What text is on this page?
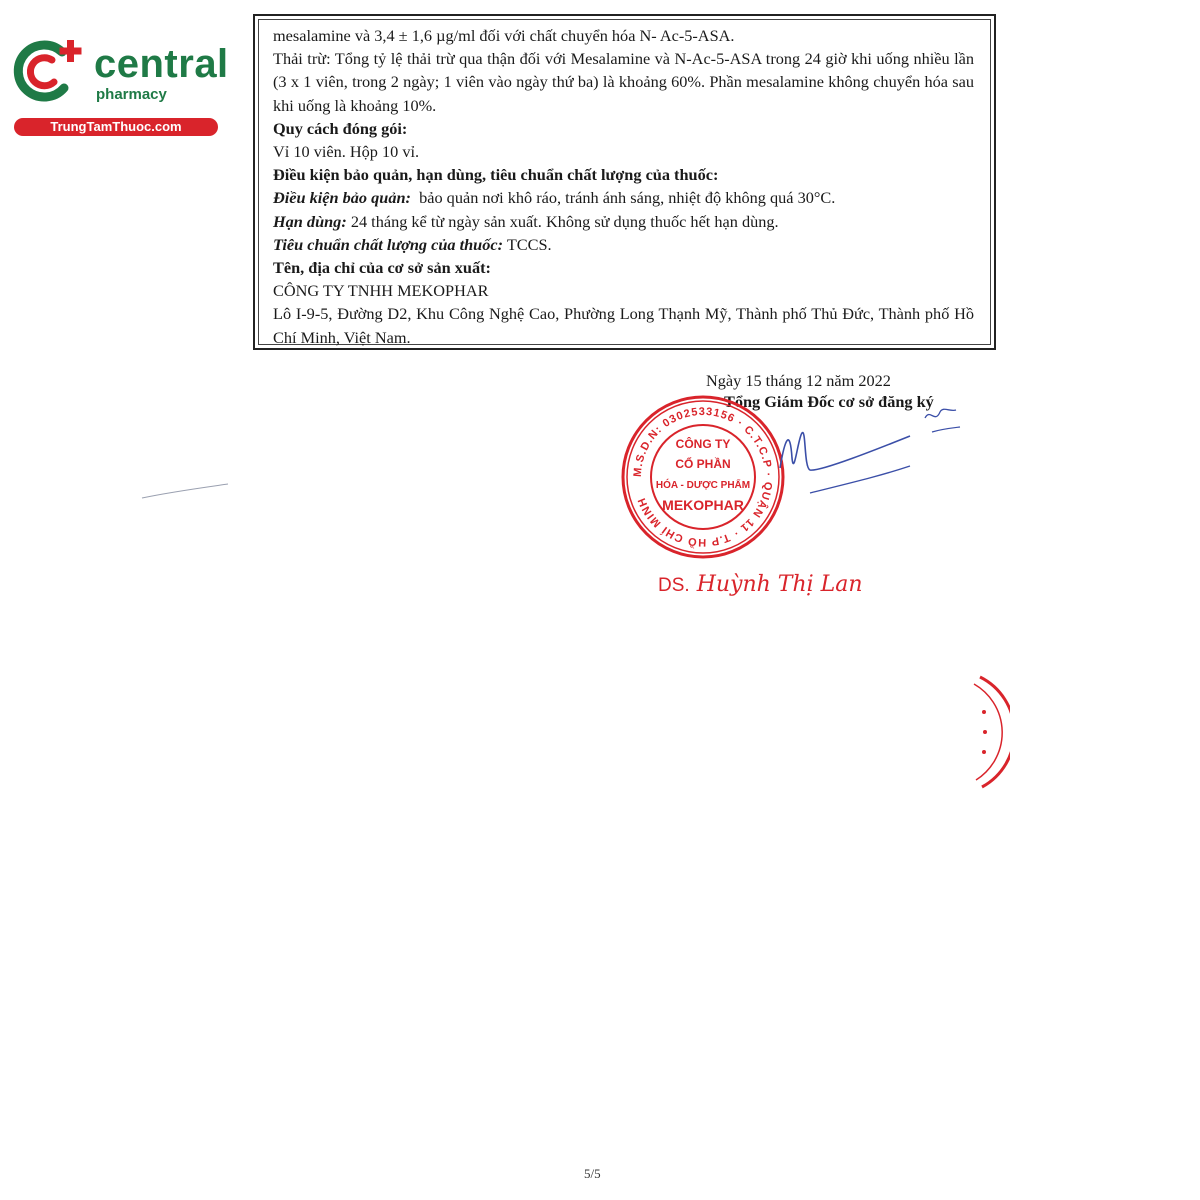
central
pharmacy
TrungTamThuoc.com

mesalamine và 3,4 ± 1,6 µg/ml đối với chất chuyển hóa N- Ac-5-ASA.

Thải trừ: Tổng tỷ lệ thải trừ qua thận đối với Mesalamine và N-Ac-5-ASA trong 24 giờ khi uống nhiều lần (3 x 1 viên, trong 2 ngày; 1 viên vào ngày thứ ba) là khoảng 60%. Phần mesalamine không chuyển hóa sau khi uống là khoảng 10%.

Quy cách đóng gói:

Vỉ 10 viên. Hộp 10 vỉ.

Điều kiện bảo quản, hạn dùng, tiêu chuẩn chất lượng của thuốc:

Điều kiện bảo quản: bảo quản nơi khô ráo, tránh ánh sáng, nhiệt độ không quá 30°C.

Hạn dùng: 24 tháng kể từ ngày sản xuất. Không sử dụng thuốc hết hạn dùng.

Tiêu chuẩn chất lượng của thuốc: TCCS.

Tên, địa chỉ của cơ sở sản xuất:

CÔNG TY TNHH MEKOPHAR

Lô I-9-5, Đường D2, Khu Công Nghệ Cao, Phường Long Thạnh Mỹ, Thành phố Thủ Đức, Thành phố Hồ Chí Minh, Việt Nam.

Ngày 15 tháng 12 năm 2022
Tổng Giám Đốc cơ sở đăng ký
M.S.D.N: 0302533156 · C.T.C.P · QUẬN 11 · T.P HỒ CHÍ MINH
CÔNG TY
CỔ PHẦN
HÓA - DƯỢC PHẨM
MEKOPHAR
DS. Huỳnh Thị Lan
5/5
